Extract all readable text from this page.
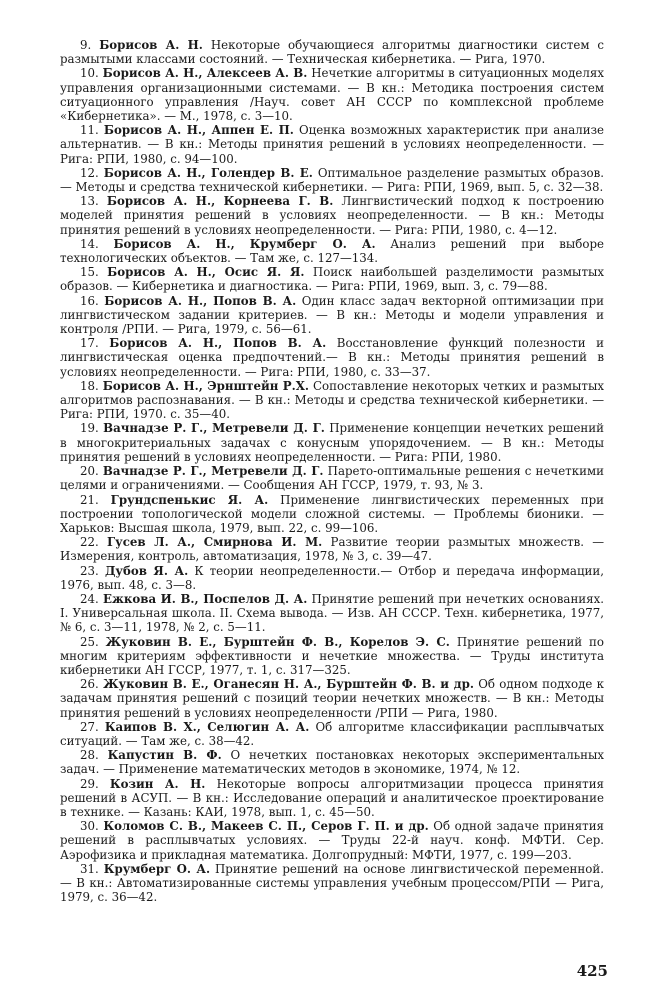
9. Борисов А. Н. Некоторые обучающиеся алгоритмы диагностики систем с размытыми классами состояний. — Техническая кибернетика. — Рига, 1970.

10. Борисов А. Н., Алексеев А. В. Нечеткие алгоритмы в ситуационных моделях управления организационными системами. — В кн.: Методика построения систем ситуационного управления /Науч. совет АН СССР по комплексной проблеме «Кибернетика». — М., 1978, с. 3—10.

11. Борисов А. Н., Аппен Е. П. Оценка возможных характеристик при анализе альтернатив. — В кн.: Методы принятия решений в условиях неопределенности. — Рига: РПИ, 1980, с. 94—100.

12. Борисов А. Н., Голендер В. Е. Оптимальное разделение размытых образов. — Методы и средства технической кибернетики. — Рига: РПИ, 1969, вып. 5, с. 32—38.

13. Борисов А. Н., Корнеева Г. В. Лингвистический подход к построению моделей принятия решений в условиях неопределенности. — В кн.: Методы принятия решений в условиях неопределенности. — Рига: РПИ, 1980, с. 4—12.

14. Борисов А. Н., Крумберг О. А. Анализ решений при выборе технологических объектов. — Там же, с. 127—134.

15. Борисов А. Н., Осис Я. Я. Поиск наибольшей разделимости размытых образов. — Кибернетика и диагностика. — Рига: РПИ, 1969, вып. 3, с. 79—88.

16. Борисов А. Н., Попов В. А. Один класс задач векторной оптимизации при лингвистическом задании критериев. — В кн.: Методы и модели управления и контроля /РПИ. — Рига, 1979, с. 56—61.

17. Борисов А. Н., Попов В. А. Восстановление функций полезности и лингвистическая оценка предпочтений.— В кн.: Методы принятия решений в условиях неопределенности. — Рига: РПИ, 1980, с. 33—37.

18. Борисов А. Н., Эрнштейн Р.Х. Сопоставление некоторых четких и размытых алгоритмов распознавания. — В кн.: Методы и средства технической кибернетики. — Рига: РПИ, 1970. с. 35—40.

19. Вачнадзе Р. Г., Метревели Д. Г. Применение концепции нечетких решений в многокритериальных задачах с конусным упорядочением. — В кн.: Методы принятия решений в условиях неопределенности. — Рига: РПИ, 1980.

20. Вачнадзе Р. Г., Метревели Д. Г. Парето-оптимальные решения с нечеткими целями и ограничениями. — Сообщения АН ГССР, 1979, т. 93, № 3.

21. Грундспенькис Я. А. Применение лингвистических переменных при построении топологической модели сложной системы. — Проблемы бионики. — Харьков: Высшая школа, 1979, вып. 22, с. 99—106.

22. Гусев Л. А., Смирнова И. М. Развитие теории размытых множеств. — Измерения, контроль, автоматизация, 1978, № 3, с. 39—47.

23. Дубов Я. А. К теории неопределенности.— Отбор и передача информации, 1976, вып. 48, с. 3—8.

24. Ежкова И. В., Поспелов Д. А. Принятие решений при нечетких основаниях. I. Универсальная школа. II. Схема вывода. — Изв. АН СССР. Техн. кибернетика, 1977, № 6, с. 3—11, 1978, № 2, с. 5—11.

25. Жуковин В. Е., Бурштейн Ф. В., Корелов Э. С. Принятие решений по многим критериям эффективности и нечеткие множества. — Труды института кибернетики АН ГССР, 1977, т. 1, с. 317—325.

26. Жуковин В. Е., Оганесян Н. А., Бурштейн Ф. В. и др. Об одном подходе к задачам принятия решений с позиций теории нечетких множеств. — В кн.: Методы принятия решений в условиях неопределенности /РПИ — Рига, 1980.

27. Каипов В. Х., Селюгин А. А. Об алгоритме классификации расплывчатых ситуаций. — Там же, с. 38—42.

28. Капустин В. Ф. О нечетких постановках некоторых экспериментальных задач. — Применение математических методов в экономике, 1974, № 12.

29. Козин А. Н. Некоторые вопросы алгоритмизации процесса принятия решений в АСУП. — В кн.: Исследование операций и аналитическое проектирование в технике. — Казань: КАИ, 1978, вып. 1, с. 45—50.

30. Коломов С. В., Макеев С. П., Серов Г. П. и др. Об одной задаче принятия решений в расплывчатых условиях. — Труды 22-й науч. конф. МФТИ. Сер. Аэрофизика и прикладная математика. Долгопрудный: МФТИ, 1977, с. 199—203.

31. Крумберг О. А. Принятие решений на основе лингвистической переменной. — В кн.: Автоматизированные системы управления учебным процессом/РПИ — Рига, 1979, с. 36—42.

425
